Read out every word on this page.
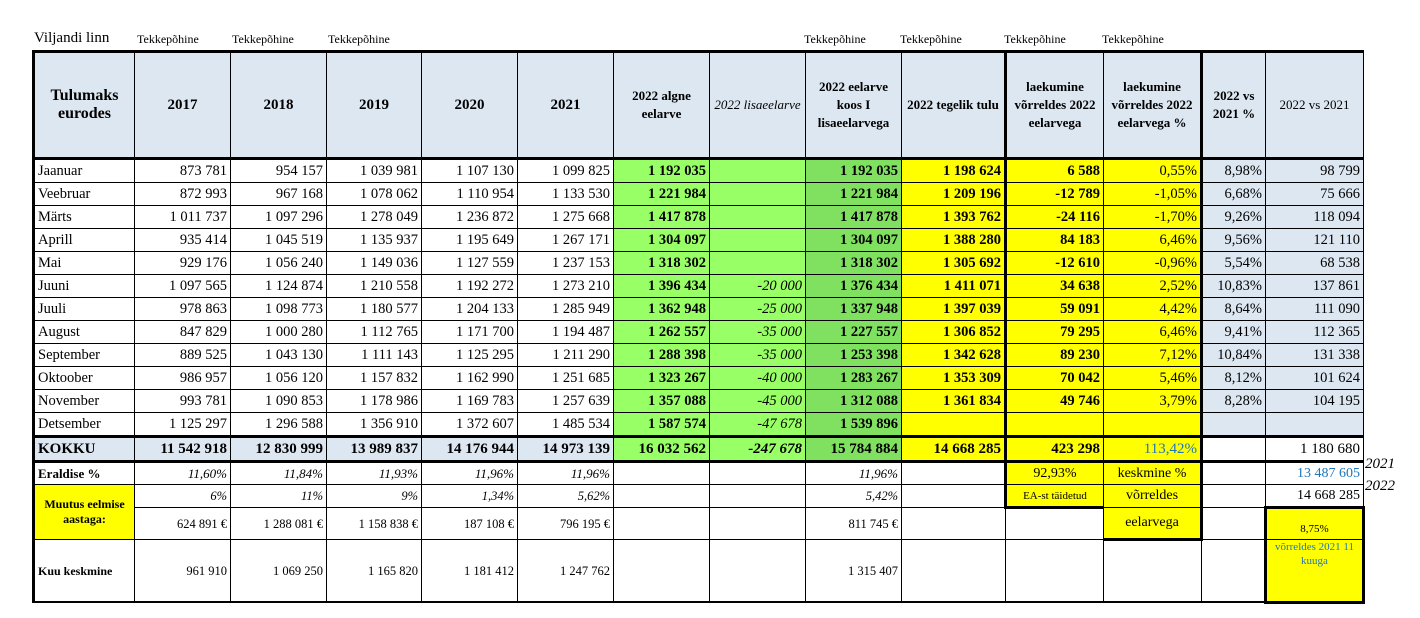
Viljandi linn Tekkepõhine	Tekkepõhine	Tekkepõhine	Tekkepõhine	Tekkepõhine	Tekkepõhine	Tekkepõhine
Tulumaks eurodes	2017	2018	2019	2020	2021	2022 algne eelarve	2022 lisaeelarve	2022 eelarve koos I lisaeelarvega	2022 tegelik tulu	laekumine võrreldes 2022 eelarvega	laekumine võrreldes 2022 eelarvega %	2022 vs 2021 %	2022 vs 2021
Jaanuar	873 781	954 157	1 039 981	1 107 130	1 099 825	1 192 035		1 192 035	1 198 624	6 588	0,55%	8,98%	98 799
Veebruar	872 993	967 168	1 078 062	1 110 954	1 133 530	1 221 984		1 221 984	1 209 196	-12 789	-1,05%	6,68%	75 666
Märts	1 011 737	1 097 296	1 278 049	1 236 872	1 275 668	1 417 878		1 417 878	1 393 762	-24 116	-1,70%	9,26%	118 094
Aprill	935 414	1 045 519	1 135 937	1 195 649	1 267 171	1 304 097		1 304 097	1 388 280	84 183	6,46%	9,56%	121 110
Mai	929 176	1 056 240	1 149 036	1 127 559	1 237 153	1 318 302		1 318 302	1 305 692	-12 610	-0,96%	5,54%	68 538
Juuni	1 097 565	1 124 874	1 210 558	1 192 272	1 273 210	1 396 434	-20 000	1 376 434	1 411 071	34 638	2,52%	10,83%	137 861
Juuli	978 863	1 098 773	1 180 577	1 204 133	1 285 949	1 362 948	-25 000	1 337 948	1 397 039	59 091	4,42%	8,64%	111 090
August	847 829	1 000 280	1 112 765	1 171 700	1 194 487	1 262 557	-35 000	1 227 557	1 306 852	79 295	6,46%	9,41%	112 365
September	889 525	1 043 130	1 111 143	1 125 295	1 211 290	1 288 398	-35 000	1 253 398	1 342 628	89 230	7,12%	10,84%	131 338
Oktoober	986 957	1 056 120	1 157 832	1 162 990	1 251 685	1 323 267	-40 000	1 283 267	1 353 309	70 042	5,46%	8,12%	101 624
November	993 781	1 090 853	1 178 986	1 169 783	1 257 639	1 357 088	-45 000	1 312 088	1 361 834	49 746	3,79%	8,28%	104 195
Detsember	1 125 297	1 296 588	1 356 910	1 372 607	1 485 534	1 587 574	-47 678	1 539 896					
KOKKU	11 542 918	12 830 999	13 989 837	14 176 944	14 973 139	16 032 562	-247 678	15 784 884	14 668 285	423 298	113,42%		1 180 680
Eraldise %	11,60%	11,84%	11,93%	11,96%	11,96%			11,96%		92,93%	keskmine %		13 487 605
Muutus eelmise aastaga:	6%	11%	9%	1,34%	5,62%			5,42%		EA-st täidetud	võrreldes		14 668 285
	624 891 €	1 288 081 €	1 158 838 €	187 108 €	796 195 €			811 745 €			eelarvega		8,75%
Kuu keskmine	961 910	1 069 250	1 165 820	1 181 412	1 247 762			1 315 407					võrreldes 2021 11 kuuga
2021
2022
